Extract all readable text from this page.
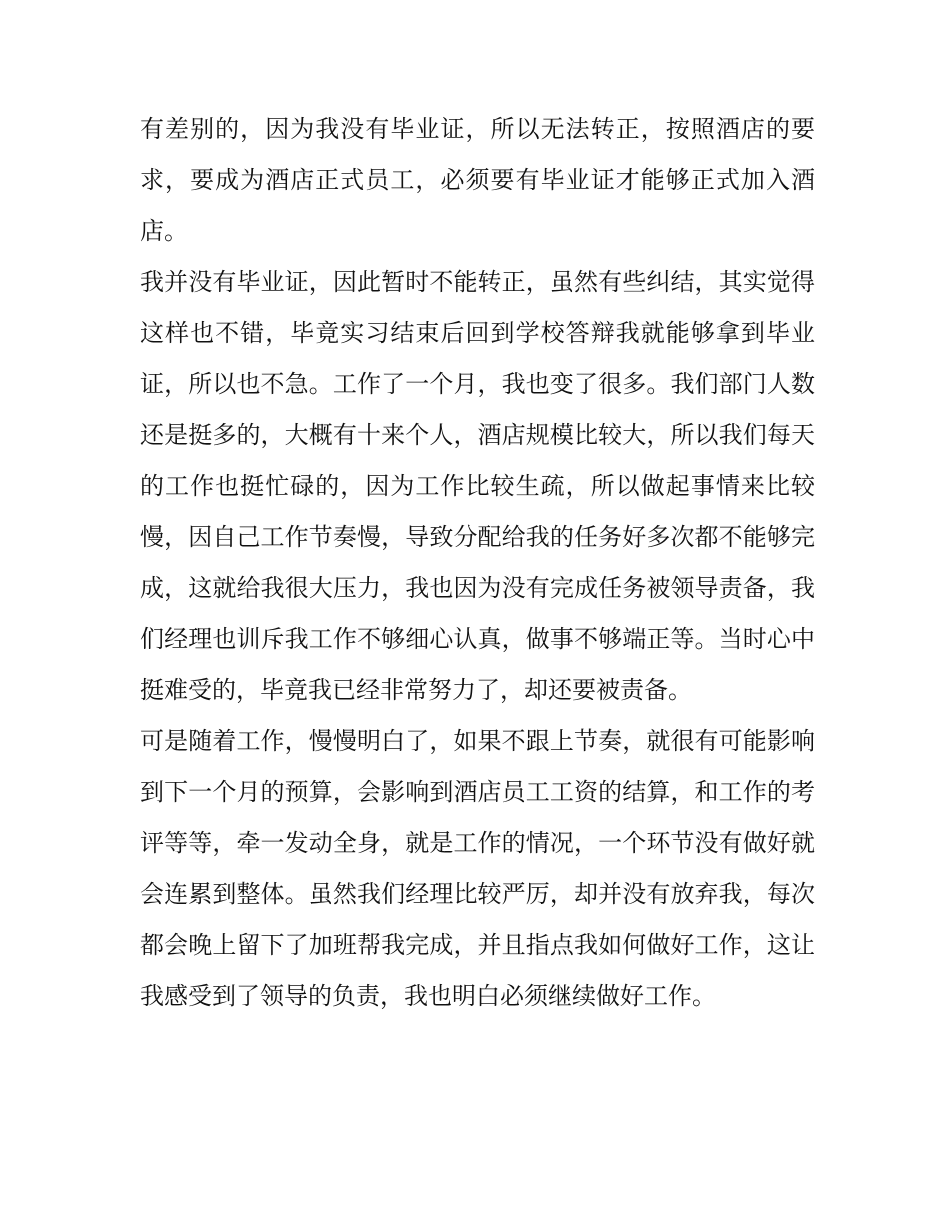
有差别的，因为我没有毕业证，所以无法转正，按照酒店的要求，要成为酒店正式员工，必须要有毕业证才能够正式加入酒店。

我并没有毕业证，因此暂时不能转正，虽然有些纠结，其实觉得这样也不错，毕竟实习结束后回到学校答辩我就能够拿到毕业证，所以也不急。工作了一个月，我也变了很多。我们部门人数还是挺多的，大概有十来个人，酒店规模比较大，所以我们每天的工作也挺忙碌的，因为工作比较生疏，所以做起事情来比较慢，因自己工作节奏慢，导致分配给我的任务好多次都不能够完成，这就给我很大压力，我也因为没有完成任务被领导责备，我们经理也训斥我工作不够细心认真，做事不够端正等。当时心中挺难受的，毕竟我已经非常努力了，却还要被责备。

可是随着工作，慢慢明白了，如果不跟上节奏，就很有可能影响到下一个月的预算，会影响到酒店员工工资的结算，和工作的考评等等，牵一发动全身，就是工作的情况，一个环节没有做好就会连累到整体。虽然我们经理比较严厉，却并没有放弃我，每次都会晚上留下了加班帮我完成，并且指点我如何做好工作，这让我感受到了领导的负责，我也明白必须继续做好工作。
